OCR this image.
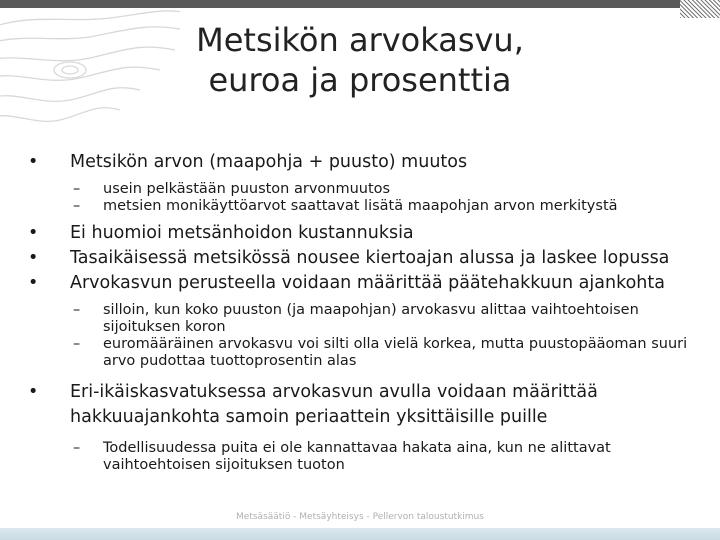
Metsikön arvokasvu,
euroa ja prosenttia

•	Metsikön arvon (maapohja + puusto) muutos

– usein pelkästään puuston arvonmuutos

– metsien monikäyttöarvot saattavat lisätä maapohjan arvon merkitystä

•	Ei huomioi metsänhoidon kustannuksia

•	Tasaikäisessä metsikössä nousee kiertoajan alussa ja laskee lopussa

•	Arvokasvun perusteella voidaan määrittää päätehakkuun ajankohta

– silloin, kun koko puuston (ja maapohjan) arvokasvu alittaa vaihtoehtoisen sijoituksen koron

– euromääräinen arvokasvu voi silti olla vielä korkea, mutta puustopääoman suuri arvo pudottaa tuottoprosentin alas

•	Eri-ikäiskasvatuksessa arvokasvun avulla voidaan määrittää hakkuuajankohta samoin periaattein yksittäisille puille

– Todellisuudessa puita ei ole kannattavaa hakata aina, kun ne alittavat vaihtoehtoisen sijoituksen tuoton

Metsäsäätiö - Metsäyhteisys - Pellervon taloustutkimus
